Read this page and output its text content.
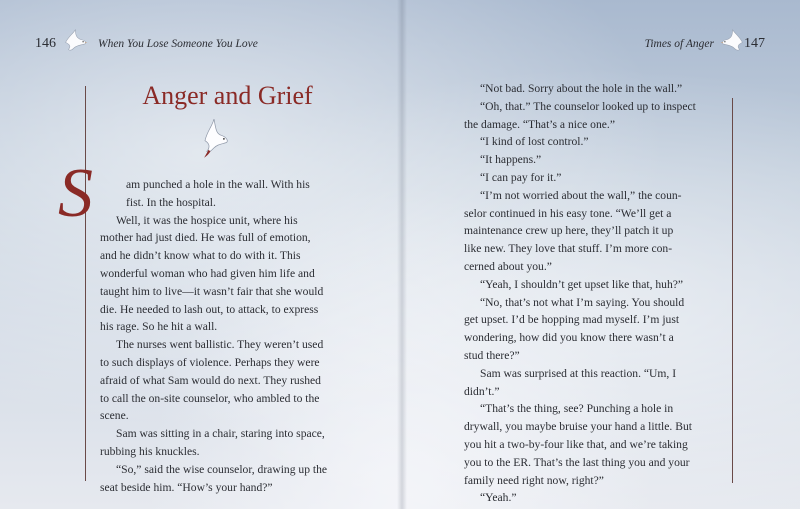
146	When You Lose Someone You Love
Anger and Grief
S	am punched a hole in the wall. With his
fist. In the hospital.
Well, it was the hospice unit, where his
mother had just died. He was full of emotion,
and he didn’t know what to do with it. This
wonderful woman who had given him life and
taught him to live—it wasn’t fair that she would
die. He needed to lash out, to attack, to express
his rage. So he hit a wall.
The nurses went ballistic. They weren’t used
to such displays of violence. Perhaps they were
afraid of what Sam would do next. They rushed
to call the on-site counselor, who ambled to the
scene.
Sam was sitting in a chair, staring into space,
rubbing his knuckles.
“So,” said the wise counselor, drawing up the
seat beside him. “How’s your hand?”
Times of Anger 147
“Not bad. Sorry about the hole in the wall.”
“Oh, that.” The counselor looked up to inspect
the damage. “That’s a nice one.”
“I kind of lost control.”
“It happens.”
“I can pay for it.”
“I’m not worried about the wall,” the coun-
selor continued in his easy tone. “We’ll get a
maintenance crew up here, they’ll patch it up
like new. They love that stuff. I’m more con-
cerned about you.”
“Yeah, I shouldn’t get upset like that, huh?”
“No, that’s not what I’m saying. You should
get upset. I’d be hopping mad myself. I’m just
wondering, how did you know there wasn’t a
stud there?”
Sam was surprised at this reaction. “Um, I
didn’t.”
“That’s the thing, see? Punching a hole in
drywall, you maybe bruise your hand a little. But
you hit a two-by-four like that, and we’re taking
you to the ER. That’s the last thing you and your
family need right now, right?”
“Yeah.”
